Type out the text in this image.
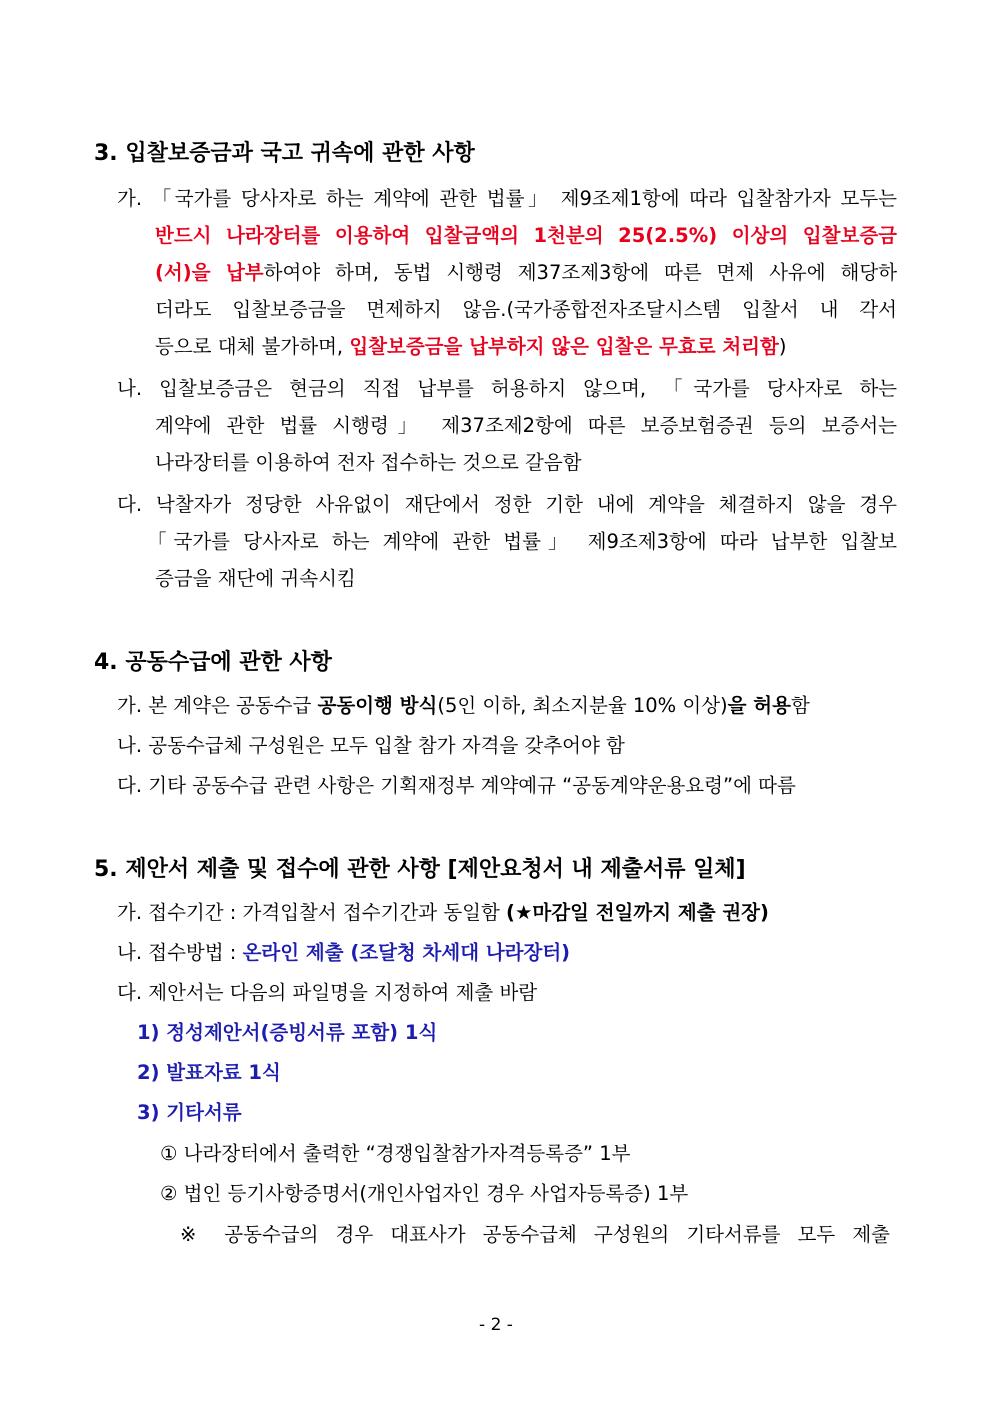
3. 입찰보증금과 국고 귀속에 관한 사항
가. 「국가를 당사자로 하는 계약에 관한 법률」 제9조제1항에 따라 입찰참가자 모두는
반드시 나라장터를 이용하여 입찰금액의 1천분의 25(2.5%) 이상의 입찰보증금
(서)을 납부하여야 하며, 동법 시행령 제37조제3항에 따른 면제 사유에 해당하
더라도 입찰보증금을 면제하지 않음.(국가종합전자조달시스템 입찰서 내 각서
등으로 대체 불가하며, 입찰보증금을 납부하지 않은 입찰은 무효로 처리함)
나. 입찰보증금은 현금의 직접 납부를 허용하지 않으며, 「국가를 당사자로 하는
계약에 관한 법률 시행령」 제37조제2항에 따른 보증보험증권 등의 보증서는
나라장터를 이용하여 전자 접수하는 것으로 갈음함
다. 낙찰자가 정당한 사유없이 재단에서 정한 기한 내에 계약을 체결하지 않을 경우
「국가를 당사자로 하는 계약에 관한 법률」 제9조제3항에 따라 납부한 입찰보
증금을 재단에 귀속시킴
4. 공동수급에 관한 사항
가. 본 계약은 공동수급 공동이행 방식(5인 이하, 최소지분율 10% 이상)을 허용함
나. 공동수급체 구성원은 모두 입찰 참가 자격을 갖추어야 함
다. 기타 공동수급 관련 사항은 기획재정부 계약예규 “공동계약운용요령”에 따름
5. 제안서 제출 및 접수에 관한 사항 [제안요청서 내 제출서류 일체]
가. 접수기간 : 가격입찰서 접수기간과 동일함 (★마감일 전일까지 제출 권장)
나. 접수방법 : 온라인 제출 (조달청 차세대 나라장터)
다. 제안서는 다음의 파일명을 지정하여 제출 바람
1) 정성제안서(증빙서류 포함) 1식
2) 발표자료 1식
3) 기타서류
① 나라장터에서 출력한 “경쟁입찰참가자격등록증” 1부
② 법인 등기사항증명서(개인사업자인 경우 사업자등록증) 1부
※ 공동수급의 경우 대표사가 공동수급체 구성원의 기타서류를 모두 제출
- 2 -
